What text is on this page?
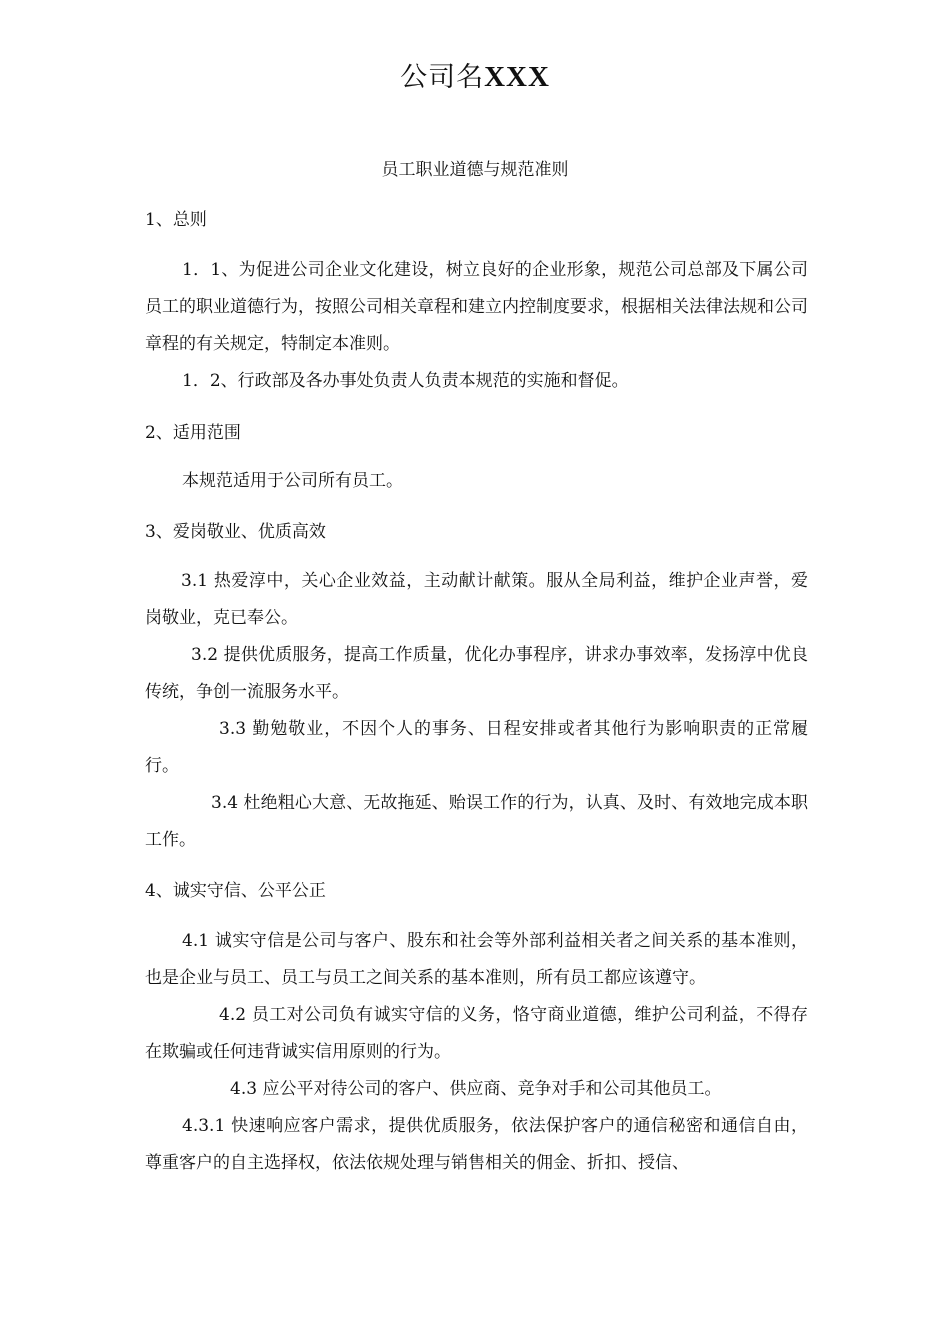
公司名XXX
员工职业道德与规范准则
1、总则
1．1、为促进公司企业文化建设，树立良好的企业形象，规范公司总部及下属公司员工的职业道德行为，按照公司相关章程和建立内控制度要求，根据相关法律法规和公司章程的有关规定，特制定本准则。
1．2、行政部及各办事处负责人负责本规范的实施和督促。
2、适用范围
本规范适用于公司所有员工。
3、爱岗敬业、优质高效
3.1 热爱淳中，关心企业效益，主动献计献策。服从全局利益，维护企业声誉，爱岗敬业，克已奉公。
3.2 提供优质服务，提高工作质量，优化办事程序，讲求办事效率，发扬淳中优良传统，争创一流服务水平。
3.3 勤勉敬业，不因个人的事务、日程安排或者其他行为影响职责的正常履行。
3.4 杜绝粗心大意、无故拖延、贻误工作的行为，认真、及时、有效地完成本职工作。
4、诚实守信、公平公正
4.1 诚实守信是公司与客户、股东和社会等外部利益相关者之间关系的基本准则，也是企业与员工、员工与员工之间关系的基本准则，所有员工都应该遵守。
4.2 员工对公司负有诚实守信的义务，恪守商业道德，维护公司利益，不得存在欺骗或任何违背诚实信用原则的行为。
4.3 应公平对待公司的客户、供应商、竞争对手和公司其他员工。
4.3.1 快速响应客户需求，提供优质服务，依法保护客户的通信秘密和通信自由，尊重客户的自主选择权，依法依规处理与销售相关的佣金、折扣、授信、
